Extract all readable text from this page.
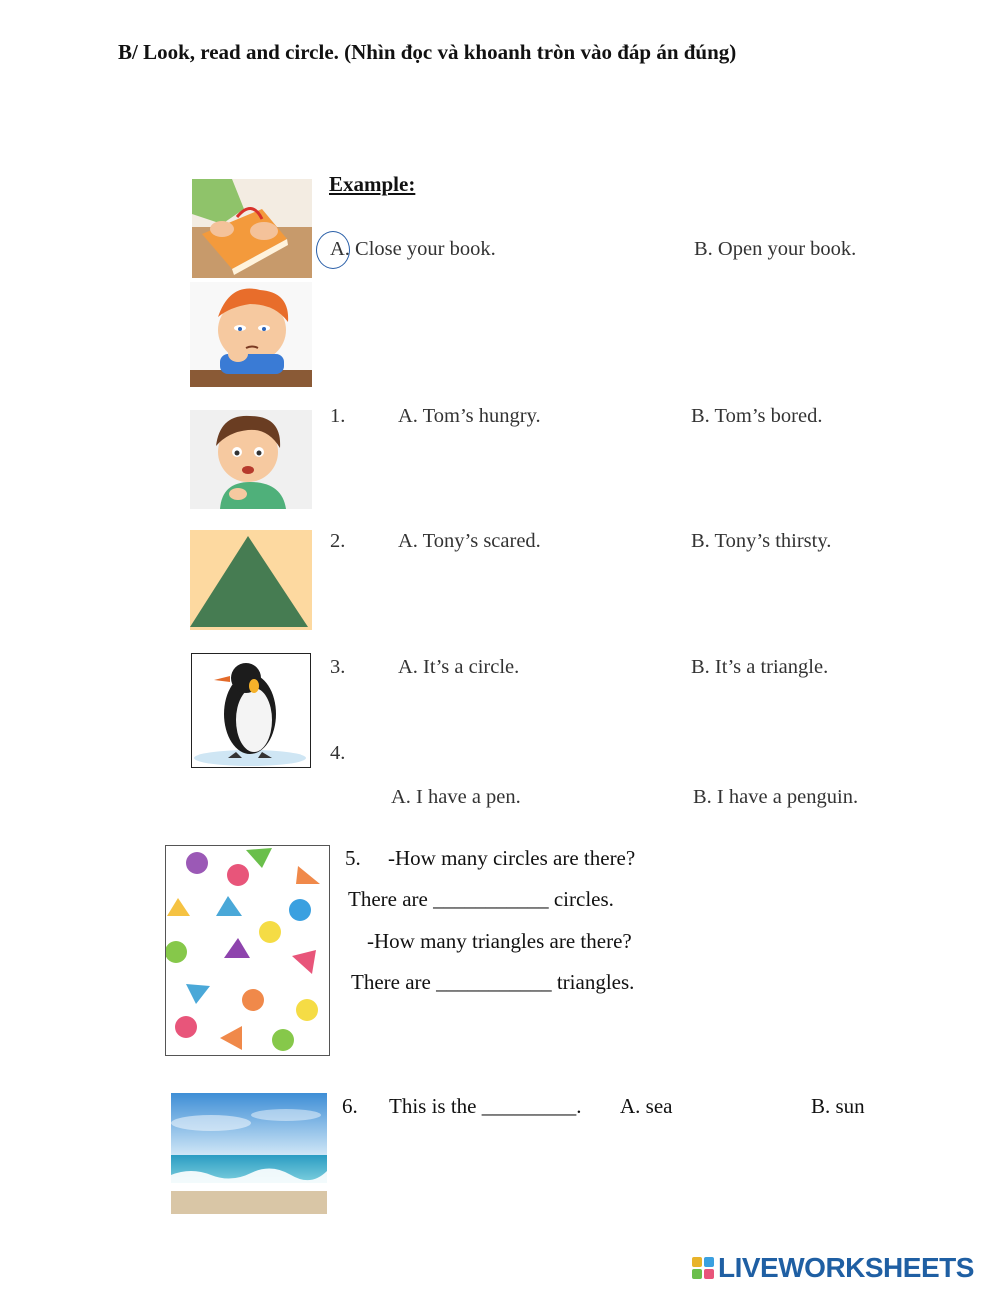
B/ Look, read and circle. (Nhìn đọc và khoanh tròn vào đáp án đúng)
Example:
A. Close your book.	B. Open your book.
1.	A. Tom’s hungry.	B. Tom’s bored.
2.	A. Tony’s scared.	B. Tony’s thirsty.
3.	A. It’s a circle.	B. It’s a triangle.
4.
A. I have a pen.	B. I have a penguin.
5. -How many circles are there?
There are ___________ circles.
-How many triangles are there?
There are ___________ triangles.
6. This is the _________. A. sea	B. sun
LIVEWORKSHEETS
